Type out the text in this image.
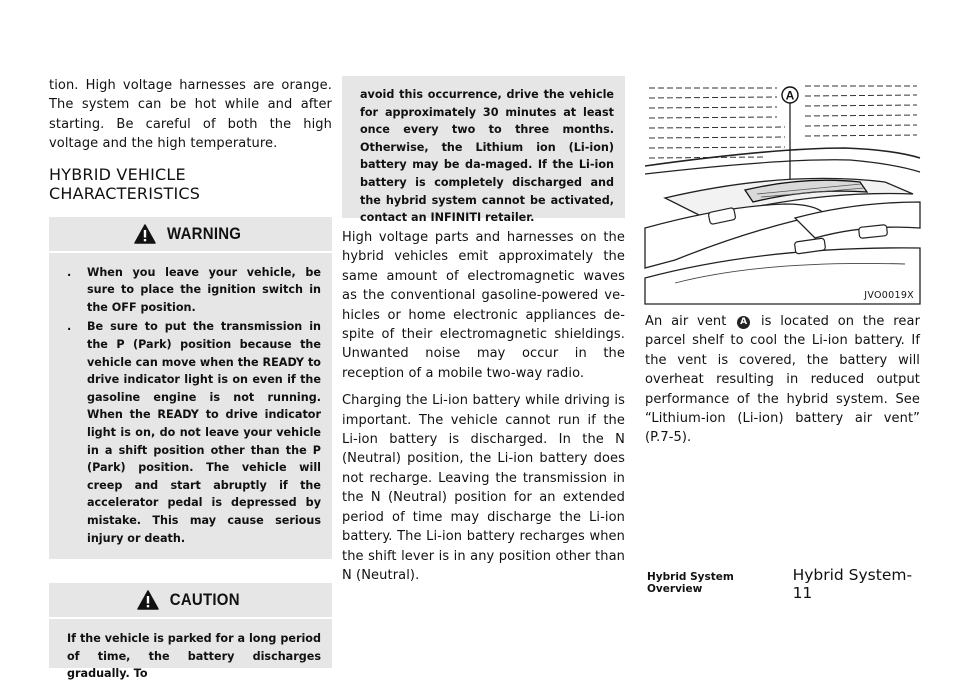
tion. High voltage harnesses are orange. The system can be hot while and after starting. Be careful of both the high voltage and the high temperature.

HYBRID VEHICLE CHARACTERISTICS
WARNING
. When you leave your vehicle, be sure to place the ignition switch in the OFF position.
. Be sure to put the transmission in the P (Park) position because the vehicle can move when the READY to drive indicator light is on even if the gasoline engine is not running. When the READY to drive indicator light is on, do not leave your vehicle in a shift position other than the P (Park) position. The vehicle will creep and start abruptly if the accelerator pedal is depressed by mistake. This may cause serious injury or death.
CAUTION
If the vehicle is parked for a long period of time, the battery discharges gradually. To
avoid this occurrence, drive the vehicle for approximately 30 minutes at least once every two to three months. Otherwise, the Lithium ion (Li-ion) battery may be da-maged. If the Li-ion battery is completely discharged and the hybrid system cannot be activated, contact an INFINITI retailer.

High voltage parts and harnesses on the hybrid vehicles emit approximately the same amount of electromagnetic waves as the conventional gasoline-powered ve-hicles or home electronic appliances de-spite of their electromagnetic shieldings. Unwanted noise may occur in the reception of a mobile two-way radio.

Charging the Li-ion battery while driving is important. The vehicle cannot run if the Li-ion battery is discharged. In the N (Neutral) position, the Li-ion battery does not recharge. Leaving the transmission in the N (Neutral) position for an extended period of time may discharge the Li-ion battery. The Li-ion battery recharges when the shift lever is in any position other than N (Neutral).

A
JVO0019X

An air vent A is located on the rear parcel shelf to cool the Li-ion battery. If the vent is covered, the battery will overheat resulting in reduced output performance of the hybrid system. See “Lithium-ion (Li-ion) battery air vent” (P.7-5).

Hybrid System Overview
Hybrid System-11
